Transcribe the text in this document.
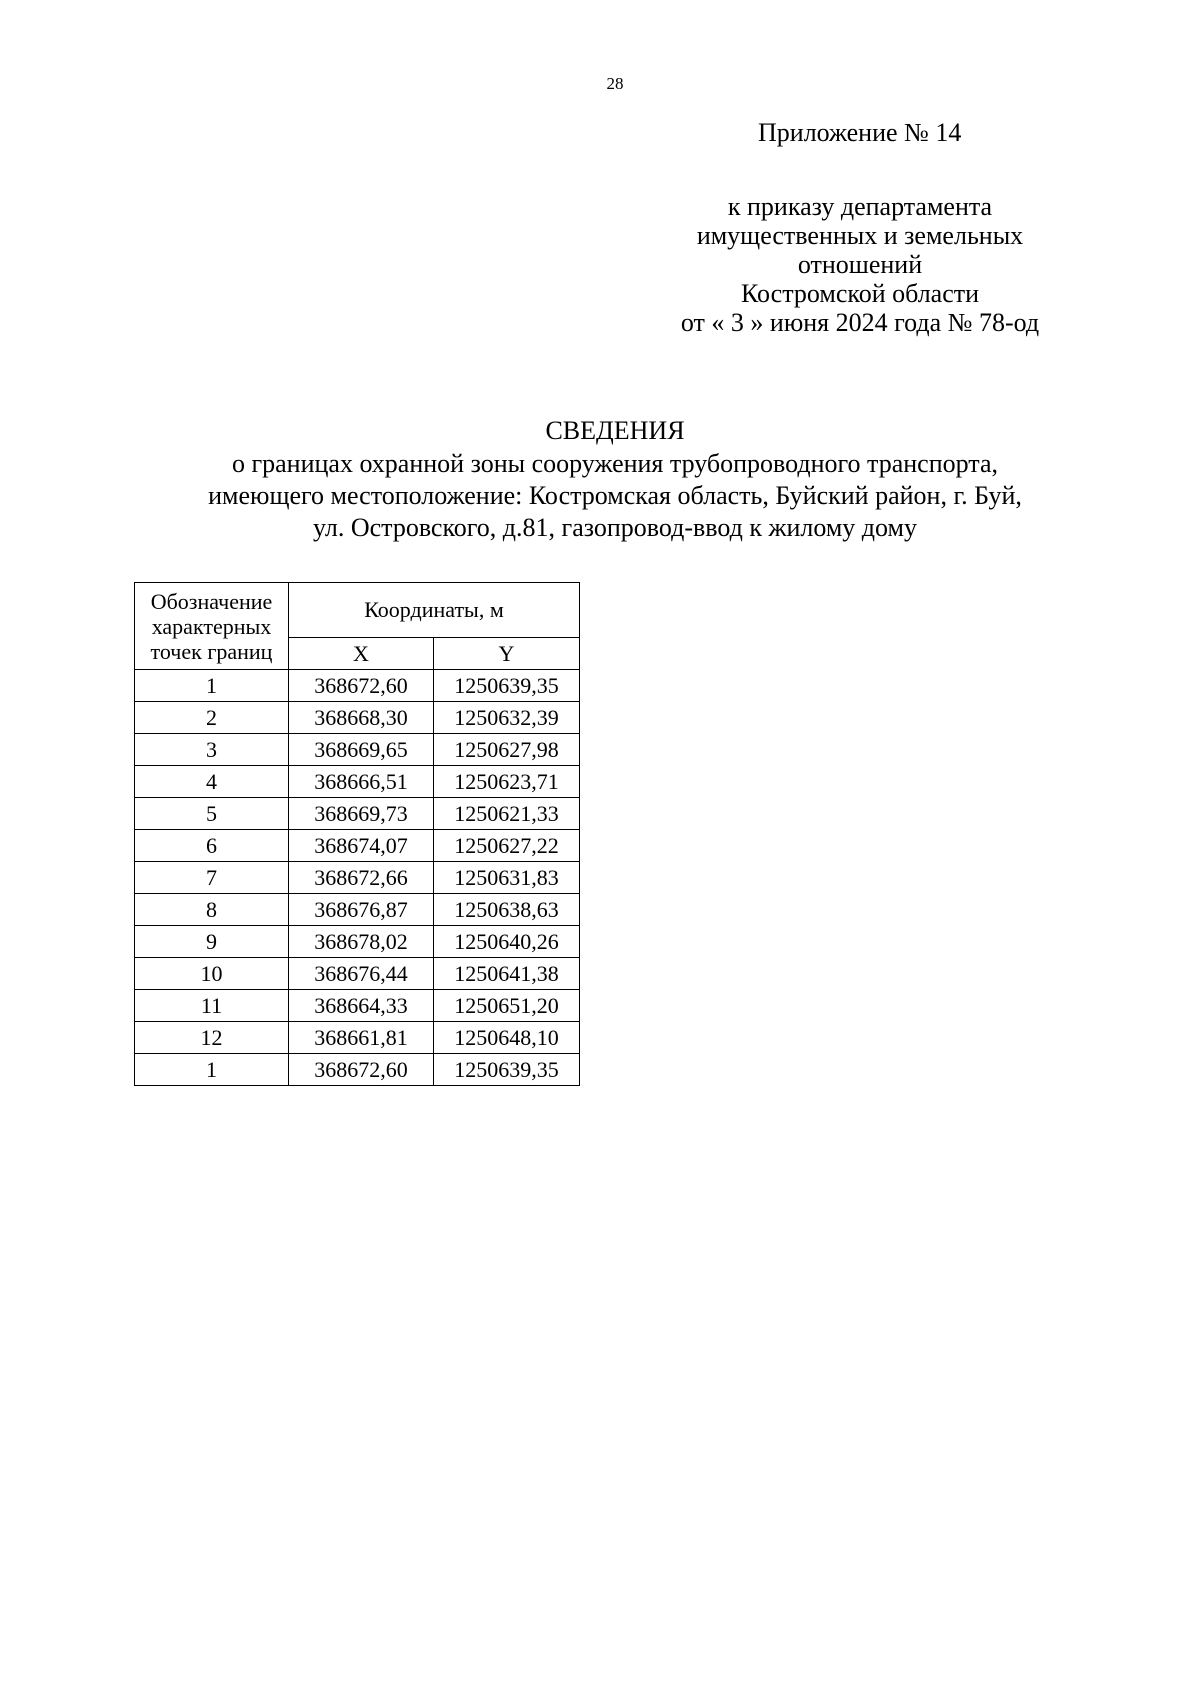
28
Приложение № 14
к приказу департамента
имущественных и земельных
отношений
Костромской области
от « 3 » июня 2024 года № 78-од
СВЕДЕНИЯ
о границах охранной зоны сооружения трубопроводного транспорта,
имеющего местоположение: Костромская область, Буйский район, г. Буй,
ул. Островского, д.81, газопровод-ввод к жилому дому
Обозначение характерных точек границ	Координаты, м	
	X	Y
1	368672,60	1250639,35
2	368668,30	1250632,39
3	368669,65	1250627,98
4	368666,51	1250623,71
5	368669,73	1250621,33
6	368674,07	1250627,22
7	368672,66	1250631,83
8	368676,87	1250638,63
9	368678,02	1250640,26
10	368676,44	1250641,38
11	368664,33	1250651,20
12	368661,81	1250648,10
1	368672,60	1250639,35
